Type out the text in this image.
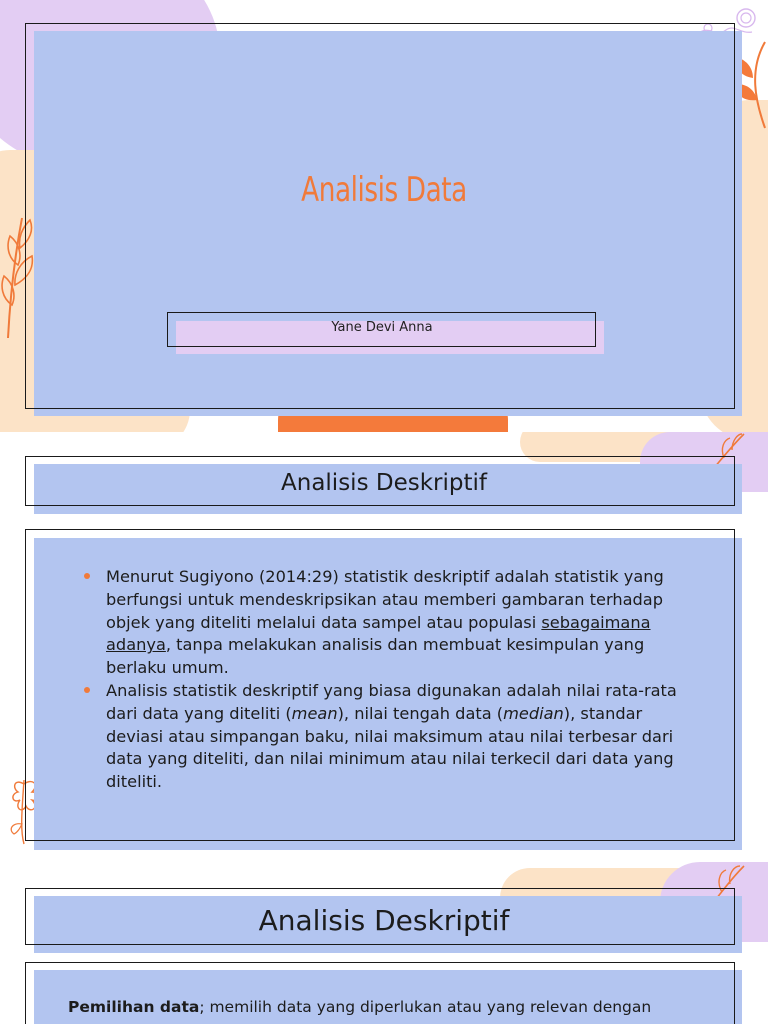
Analisis Data
Yane Devi Anna
Analisis Deskriptif
Menurut Sugiyono (2014:29) statistik deskriptif adalah statistik yang berfungsi untuk mendeskripsikan atau memberi gambaran terhadap objek yang diteliti melalui data sampel atau populasi sebagaimana adanya, tanpa melakukan analisis dan membuat kesimpulan yang berlaku umum.
Analisis statistik deskriptif yang biasa digunakan adalah nilai rata-rata dari data yang diteliti (mean), nilai tengah data (median), standar deviasi atau simpangan baku, nilai maksimum atau nilai terbesar dari data yang diteliti, dan nilai minimum atau nilai terkecil dari data yang diteliti.
Analisis Deskriptif
Pemilihan data; memilih data yang diperlukan atau yang relevan dengan
